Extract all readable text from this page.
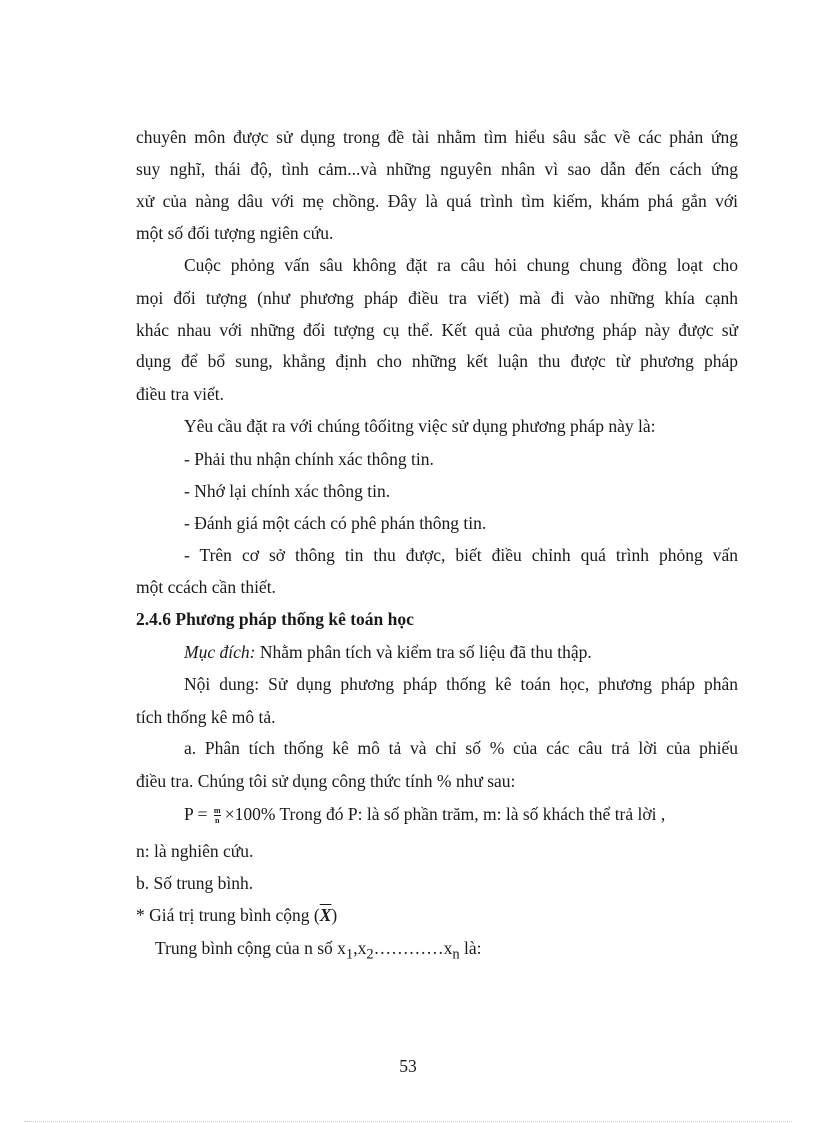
chuyên môn được sử dụng trong đề tài nhằm tìm hiểu sâu sắc về các phản ứng
suy nghĩ, thái độ, tình cảm...và những nguyên nhân vì sao dẫn đến cách ứng
xử của nàng dâu với mẹ chồng. Đây là quá trình tìm kiếm, khám phá gắn với
một số đối tượng ngiên cứu.
Cuộc phỏng vấn sâu không đặt ra câu hỏi chung chung đồng loạt cho
mọi đối tượng (như phương pháp điều tra viết) mà đi vào những khía cạnh
khác nhau với những đối tượng cụ thể. Kết quả của phương pháp này được sử
dụng để bổ sung, khẳng định cho những kết luận thu được từ phương pháp
điều tra viết.
Yêu cầu đặt ra với chúng tôốitng việc sử dụng phương pháp này là:
- Phải thu nhận chính xác thông tin.
- Nhớ lại chính xác thông tin.
- Đánh giá một cách có phê phán thông tin.
- Trên cơ sở thông tin thu được, biết điều chỉnh quá trình phỏng vấn
một ccách cần thiết.
2.4.6 Phương pháp thống kê toán học
Mục đích: Nhằm phân tích và kiểm tra số liệu đã thu thập.
Nội dung: Sử dụng phương pháp thống kê toán học, phương pháp phân
tích thống kê mô tả.
a. Phân tích thống kê mô tả và chỉ số % của các câu trả lời của phiếu
điều tra. Chúng tôi sử dụng công thức tính % như sau:
$P = \frac{m}{n} \times 100\%$ Trong đó P: là số phần trăm, m: là số khách thể trả lời ,
n: là nghiên cứu.
b. Số trung bình.
* Giá trị trung bình cộng $(\overline{X})$
Trung bình cộng của n số $x_1,x_2\dots\dots\dots\dots x_n$ là:
53
